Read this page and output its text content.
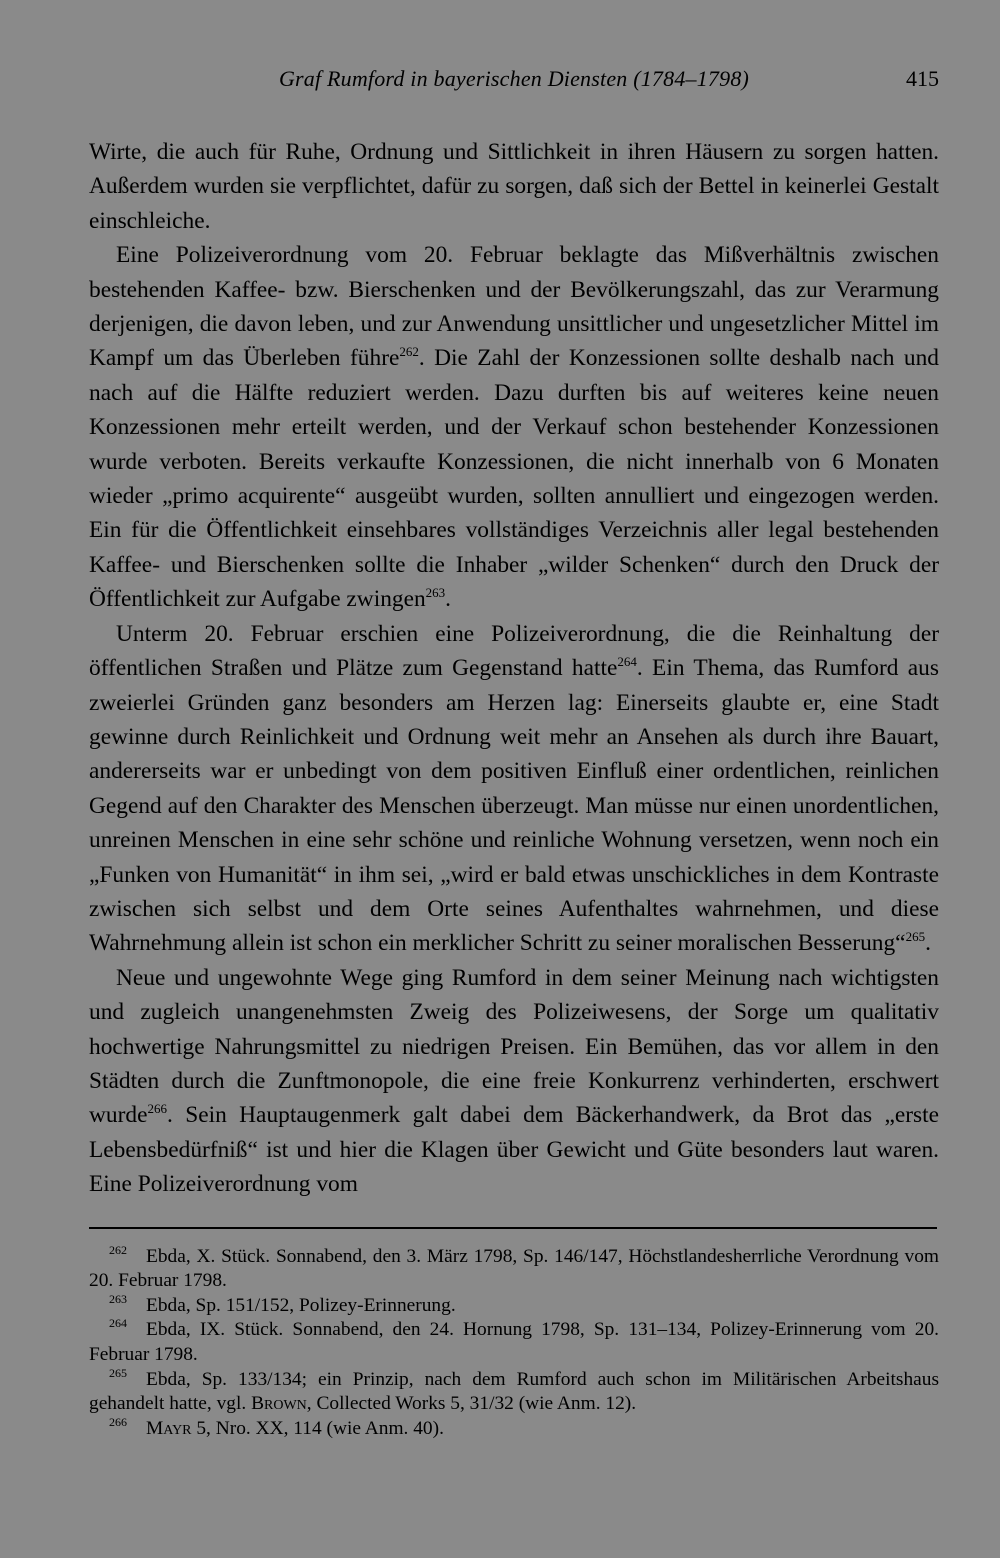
Graf Rumford in bayerischen Diensten (1784–1798)	415

Wirte, die auch für Ruhe, Ordnung und Sittlichkeit in ihren Häusern zu sorgen hatten. Außerdem wurden sie verpflichtet, dafür zu sorgen, daß sich der Bettel in keinerlei Gestalt einschleiche.

Eine Polizeiverordnung vom 20. Februar beklagte das Mißverhältnis zwischen bestehenden Kaffee- bzw. Bierschenken und der Bevölkerungszahl, das zur Verarmung derjenigen, die davon leben, und zur Anwendung unsittlicher und ungesetzlicher Mittel im Kampf um das Überleben führe$^{262}$. Die Zahl der Konzessionen sollte deshalb nach und nach auf die Hälfte reduziert werden. Dazu durften bis auf weiteres keine neuen Konzessionen mehr erteilt werden, und der Verkauf schon bestehender Konzessionen wurde verboten. Bereits verkaufte Konzessionen, die nicht innerhalb von 6 Monaten wieder „primo acquirente“ ausgeübt wurden, sollten annulliert und eingezogen werden. Ein für die Öffentlichkeit einsehbares vollständiges Verzeichnis aller legal bestehenden Kaffee- und Bierschenken sollte die Inhaber „wilder Schenken“ durch den Druck der Öffentlichkeit zur Aufgabe zwingen$^{263}$.

Unterm 20. Februar erschien eine Polizeiverordnung, die die Reinhaltung der öffentlichen Straßen und Plätze zum Gegenstand hatte$^{264}$. Ein Thema, das Rumford aus zweierlei Gründen ganz besonders am Herzen lag: Einerseits glaubte er, eine Stadt gewinne durch Reinlichkeit und Ordnung weit mehr an Ansehen als durch ihre Bauart, andererseits war er unbedingt von dem positiven Einfluß einer ordentlichen, reinlichen Gegend auf den Charakter des Menschen überzeugt. Man müsse nur einen unordentlichen, unreinen Menschen in eine sehr schöne und reinliche Wohnung versetzen, wenn noch ein „Funken von Humanität“ in ihm sei, „wird er bald etwas unschickliches in dem Kontraste zwischen sich selbst und dem Orte seines Aufenthaltes wahrnehmen, und diese Wahrnehmung allein ist schon ein merklicher Schritt zu seiner moralischen Besserung“$^{265}$.

Neue und ungewohnte Wege ging Rumford in dem seiner Meinung nach wichtigsten und zugleich unangenehmsten Zweig des Polizeiwesens, der Sorge um qualitativ hochwertige Nahrungsmittel zu niedrigen Preisen. Ein Bemühen, das vor allem in den Städten durch die Zunftmonopole, die eine freie Konkurrenz verhinderten, erschwert wurde$^{266}$. Sein Hauptaugenmerk galt dabei dem Bäckerhandwerk, da Brot das „erste Lebensbedürfniß“ ist und hier die Klagen über Gewicht und Güte besonders laut waren. Eine Polizeiverordnung vom

262 Ebda, X. Stück. Sonnabend, den 3. März 1798, Sp. 146/147, Höchstlandesherrliche Verordnung vom 20. Februar 1798.
263 Ebda, Sp. 151/152, Polizey-Erinnerung.
264 Ebda, IX. Stück. Sonnabend, den 24. Hornung 1798, Sp. 131–134, Polizey-Erinnerung vom 20. Februar 1798.
265 Ebda, Sp. 133/134; ein Prinzip, nach dem Rumford auch schon im Militärischen Arbeitshaus gehandelt hatte, vgl. Brown, Collected Works 5, 31/32 (wie Anm. 12).
266 Mayr 5, Nro. XX, 114 (wie Anm. 40).
